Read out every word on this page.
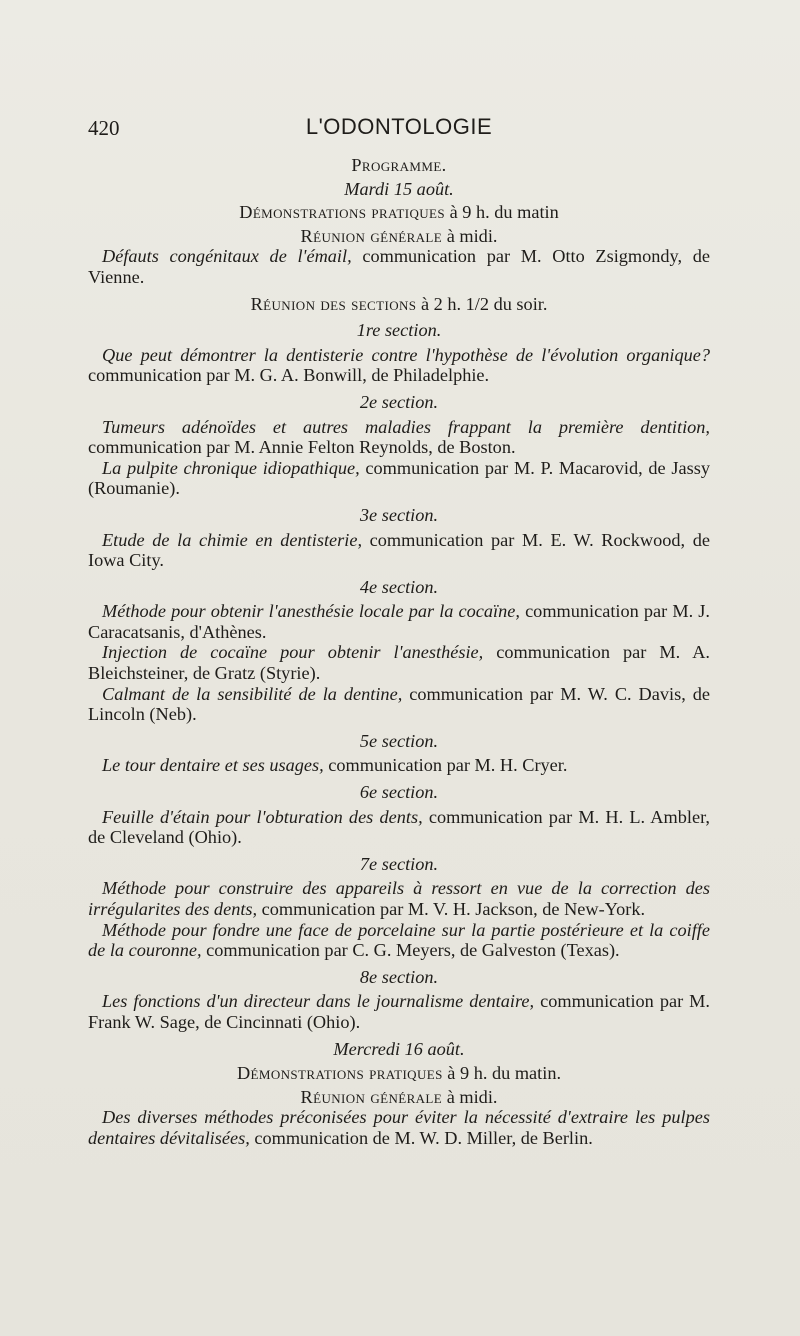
420	L'ODONTOLOGIE

Programme.

Mardi 15 août.

Démonstrations pratiques à 9 h. du matin

Réunion générale à midi.

Défauts congénitaux de l'émail, communication par M. Otto Zsigmondy, de Vienne.

Réunion des sections à 2 h. 1/2 du soir.

1re section.

Que peut démontrer la dentisterie contre l'hypothèse de l'évolution organique? communication par M. G. A. Bonwill, de Philadelphie.

2e section.

Tumeurs adénoïdes et autres maladies frappant la première dentition, communication par M. Annie Felton Reynolds, de Boston.

La pulpite chronique idiopathique, communication par M. P. Macarovid, de Jassy (Roumanie).

3e section.

Etude de la chimie en dentisterie, communication par M. E. W. Rockwood, de Iowa City.

4e section.

Méthode pour obtenir l'anesthésie locale par la cocaïne, communication par M. J. Caracatsanis, d'Athènes.

Injection de cocaïne pour obtenir l'anesthésie, communication par M. A. Bleichsteiner, de Gratz (Styrie).

Calmant de la sensibilité de la dentine, communication par M. W. C. Davis, de Lincoln (Neb).

5e section.

Le tour dentaire et ses usages, communication par M. H. Cryer.

6e section.

Feuille d'étain pour l'obturation des dents, communication par M. H. L. Ambler, de Cleveland (Ohio).

7e section.

Méthode pour construire des appareils à ressort en vue de la correction des irrégularites des dents, communication par M. V. H. Jackson, de New-York.

Méthode pour fondre une face de porcelaine sur la partie postérieure et la coiffe de la couronne, communication par C. G. Meyers, de Galveston (Texas).

8e section.

Les fonctions d'un directeur dans le journalisme dentaire, communication par M. Frank W. Sage, de Cincinnati (Ohio).

Mercredi 16 août.

Démonstrations pratiques à 9 h. du matin.

Réunion générale à midi.

Des diverses méthodes préconisées pour éviter la nécessité d'extraire les pulpes dentaires dévitalisées, communication de M. W. D. Miller, de Berlin.
